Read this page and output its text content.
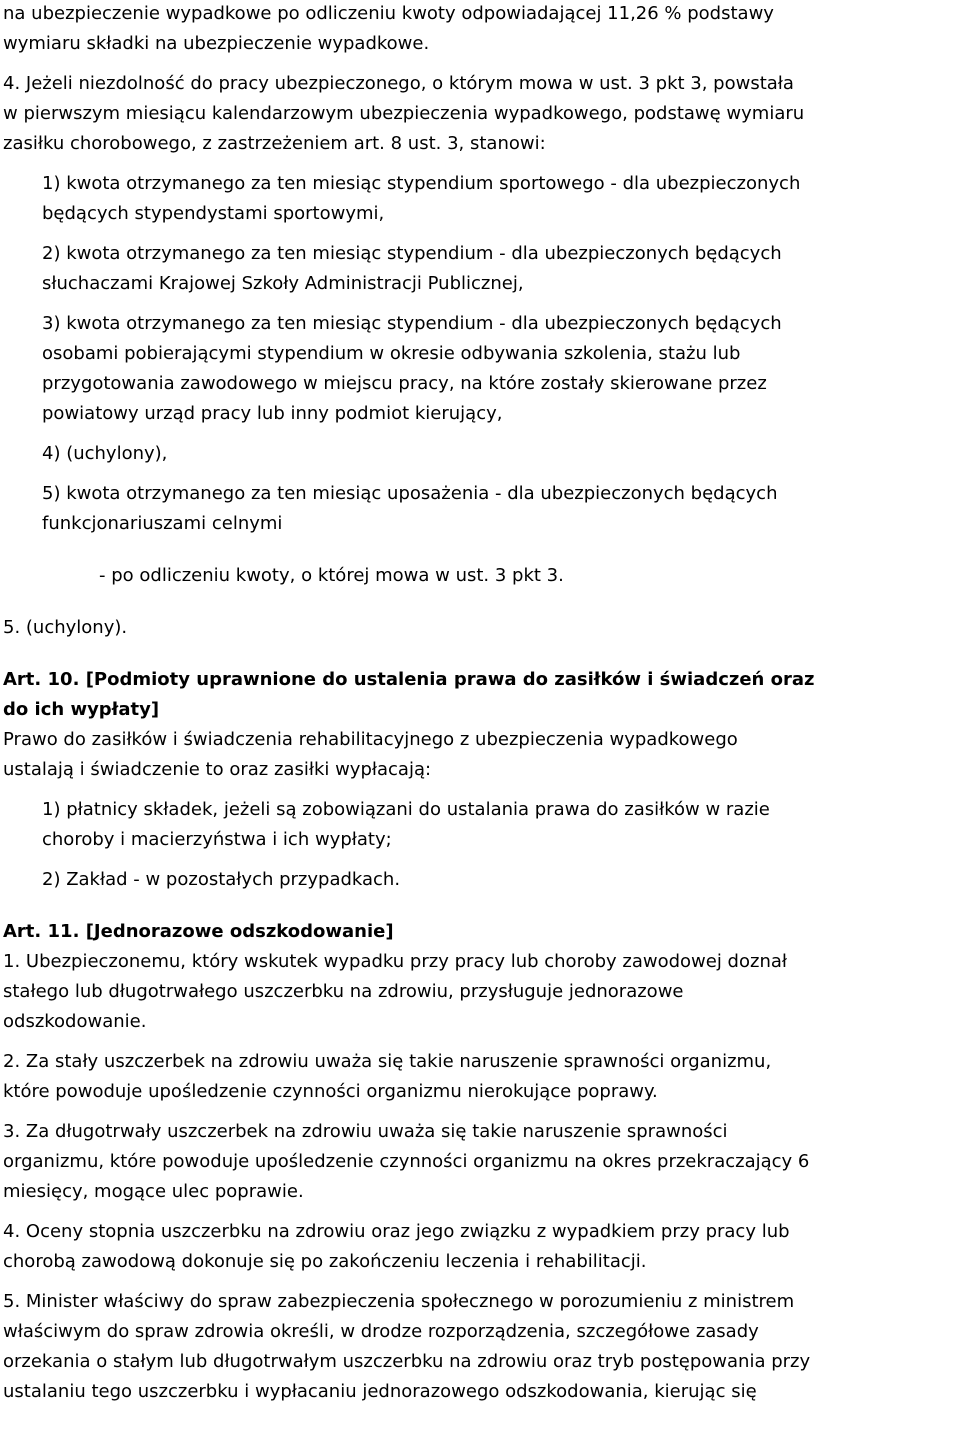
na ubezpieczenie wypadkowe po odliczeniu kwoty odpowiadającej 11,26 % podstawy

wymiaru składki na ubezpieczenie wypadkowe.

4. Jeżeli niezdolność do pracy ubezpieczonego, o którym mowa w ust. 3 pkt 3, powstała

w pierwszym miesiącu kalendarzowym ubezpieczenia wypadkowego, podstawę wymiaru

zasiłku chorobowego, z zastrzeżeniem art. 8 ust. 3, stanowi:

1) kwota otrzymanego za ten miesiąc stypendium sportowego - dla ubezpieczonych

będących stypendystami sportowymi,

2) kwota otrzymanego za ten miesiąc stypendium - dla ubezpieczonych będących

słuchaczami Krajowej Szkoły Administracji Publicznej,

3) kwota otrzymanego za ten miesiąc stypendium - dla ubezpieczonych będących

osobami pobierającymi stypendium w okresie odbywania szkolenia, stażu lub

przygotowania zawodowego w miejscu pracy, na które zostały skierowane przez

powiatowy urząd pracy lub inny podmiot kierujący,

4) (uchylony),

5) kwota otrzymanego za ten miesiąc uposażenia - dla ubezpieczonych będących

funkcjonariuszami celnymi

- po odliczeniu kwoty, o której mowa w ust. 3 pkt 3.

5. (uchylony).

Art. 10. [Podmioty uprawnione do ustalenia prawa do zasiłków i świadczeń oraz

do ich wypłaty]

Prawo do zasiłków i świadczenia rehabilitacyjnego z ubezpieczenia wypadkowego

ustalają i świadczenie to oraz zasiłki wypłacają:

1) płatnicy składek, jeżeli są zobowiązani do ustalania prawa do zasiłków w razie

choroby i macierzyństwa i ich wypłaty;

2) Zakład - w pozostałych przypadkach.

Art. 11. [Jednorazowe odszkodowanie]

1. Ubezpieczonemu, który wskutek wypadku przy pracy lub choroby zawodowej doznał

stałego lub długotrwałego uszczerbku na zdrowiu, przysługuje jednorazowe

odszkodowanie.

2. Za stały uszczerbek na zdrowiu uważa się takie naruszenie sprawności organizmu,

które powoduje upośledzenie czynności organizmu nierokujące poprawy.

3. Za długotrwały uszczerbek na zdrowiu uważa się takie naruszenie sprawności

organizmu, które powoduje upośledzenie czynności organizmu na okres przekraczający 6

miesięcy, mogące ulec poprawie.

4. Oceny stopnia uszczerbku na zdrowiu oraz jego związku z wypadkiem przy pracy lub

chorobą zawodową dokonuje się po zakończeniu leczenia i rehabilitacji.

5. Minister właściwy do spraw zabezpieczenia społecznego w porozumieniu z ministrem

właściwym do spraw zdrowia określi, w drodze rozporządzenia, szczegółowe zasady

orzekania o stałym lub długotrwałym uszczerbku na zdrowiu oraz tryb postępowania przy

ustalaniu tego uszczerbku i wypłacaniu jednorazowego odszkodowania, kierując się
